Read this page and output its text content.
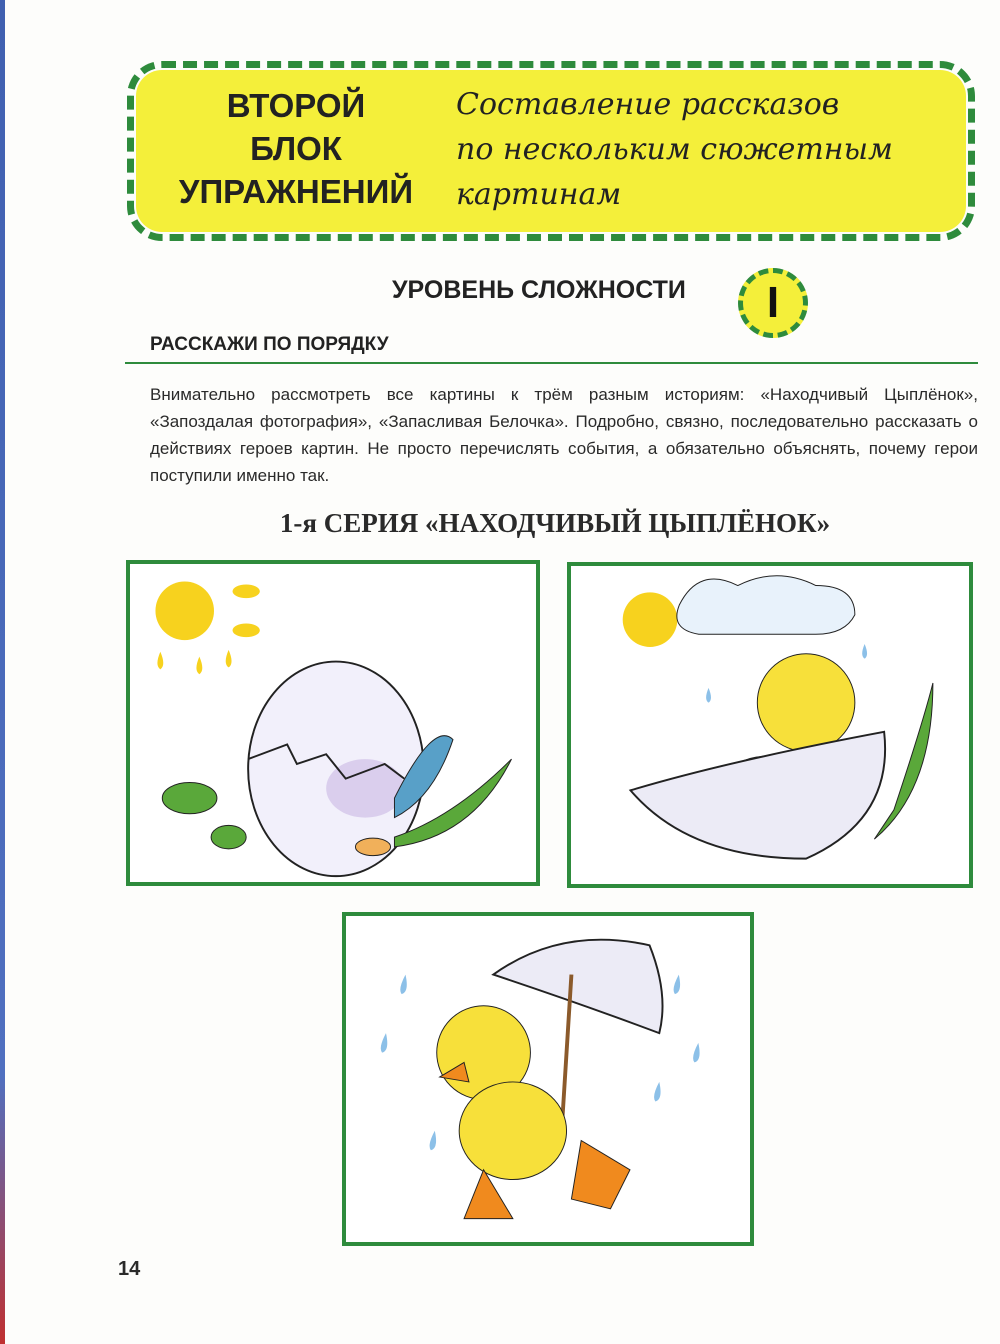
ВТОРОЙ
БЛОК
УПРАЖНЕНИЙ
Составление рассказов
по нескольким сюжетным
картинам
УРОВЕНЬ СЛОЖНОСТИ	I
РАССКАЖИ ПО ПОРЯДКУ
Внимательно рассмотреть все картины к трём разным историям: «Находчивый Цыплёнок», «Запоздалая фотография», «Запасливая Белочка». Подробно, связно, последовательно рассказать о действиях героев картин. Не просто перечислять события, а обязательно объяснять, почему герои поступили именно так.
1-я СЕРИЯ «НАХОДЧИВЫЙ ЦЫПЛЁНОК»
14
